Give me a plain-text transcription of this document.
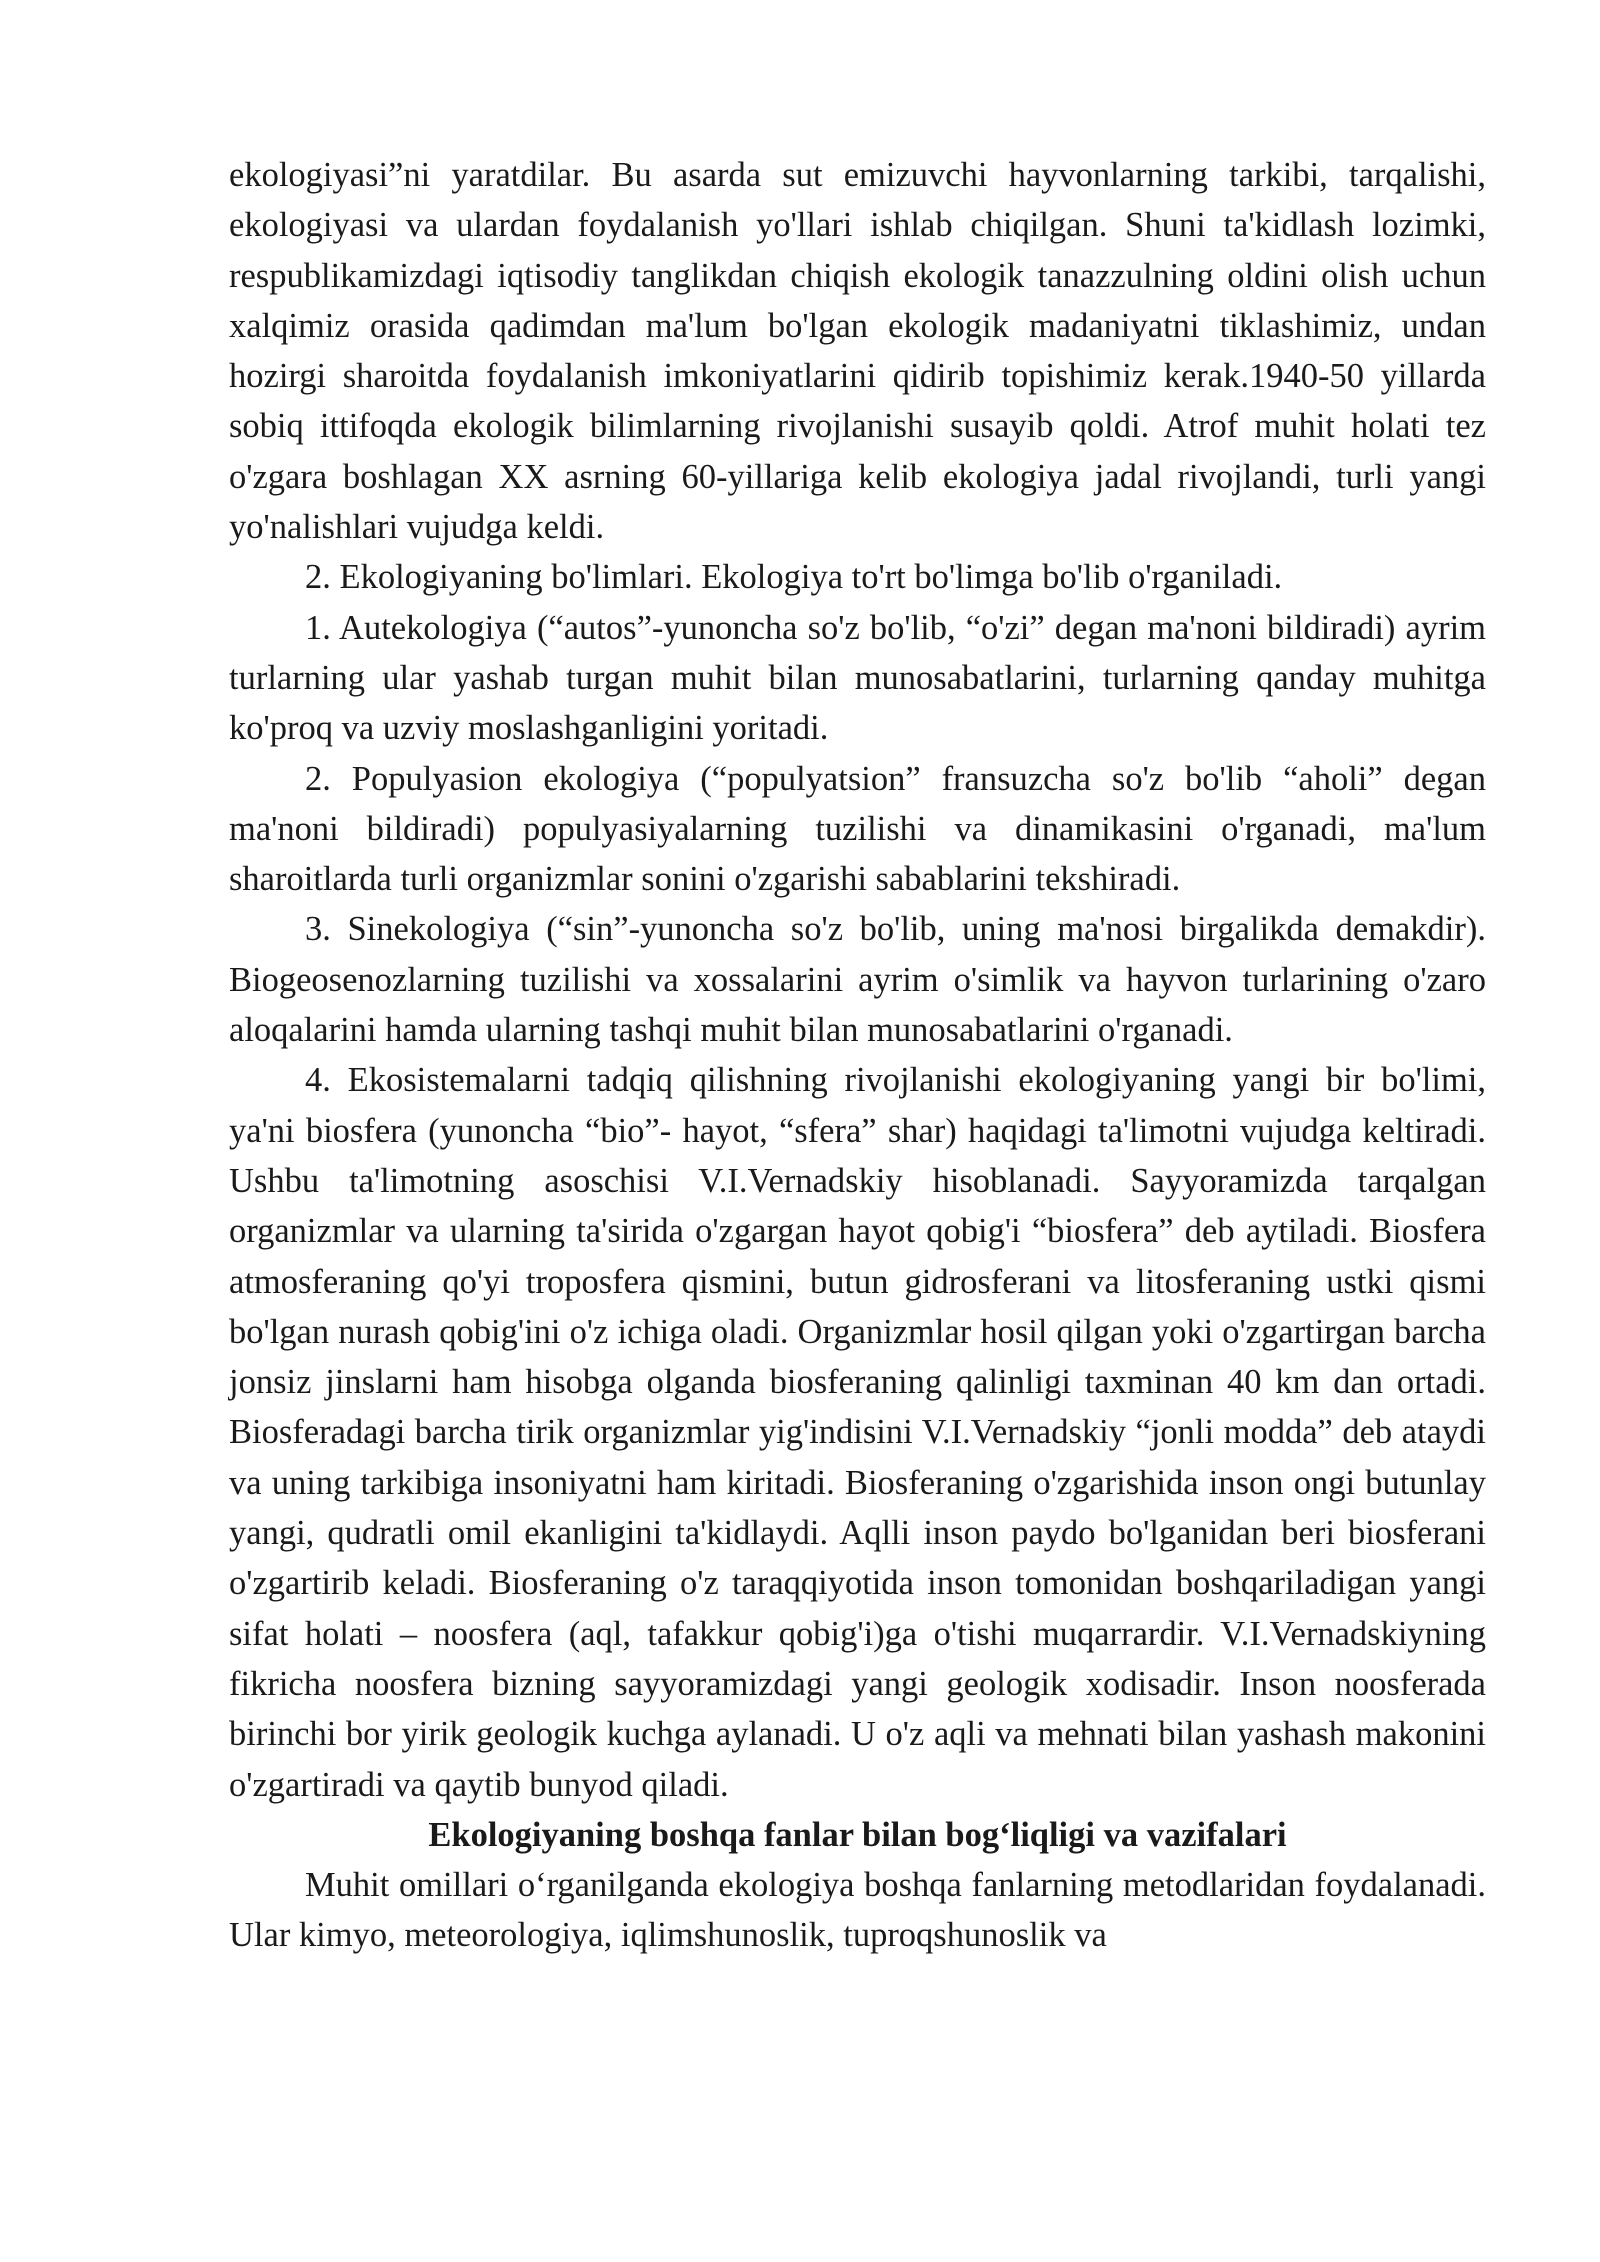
ekologiyasi”ni yaratdilar. Bu asarda sut emizuvchi hayvonlarning tarkibi, tarqalishi, ekologiyasi va ulardan foydalanish yo'llari ishlab chiqilgan. Shuni ta'kidlash lozimki, respublikamizdagi iqtisodiy tanglikdan chiqish ekologik tanazzulning oldini olish uchun xalqimiz orasida qadimdan ma'lum bo'lgan ekologik madaniyatni tiklashimiz, undan hozirgi sharoitda foydalanish imkoniyatlarini qidirib topishimiz kerak.1940-50 yillarda sobiq ittifoqda ekologik bilimlarning rivojlanishi susayib qoldi. Atrof muhit holati tez o'zgara boshlagan XX asrning 60-yillariga kelib ekologiya jadal rivojlandi, turli yangi yo'nalishlari vujudga keldi.

2. Ekologiyaning bo'limlari. Ekologiya to'rt bo'limga bo'lib o'rganiladi.

1. Autekologiya (“autos”-yunoncha so'z bo'lib, “o'zi” degan ma'noni bildiradi) ayrim turlarning ular yashab turgan muhit bilan munosabatlarini, turlarning qanday muhitga ko'proq va uzviy moslashganligini yoritadi.

2. Populyasion ekologiya (“populyatsion” fransuzcha so'z bo'lib “aholi” degan ma'noni bildiradi) populyasiyalarning tuzilishi va dinamikasini o'rganadi, ma'lum sharoitlarda turli organizmlar sonini o'zgarishi sabablarini tekshiradi.

3. Sinekologiya (“sin”-yunoncha so'z bo'lib, uning ma'nosi birgalikda demakdir). Biogeosenozlarning tuzilishi va xossalarini ayrim o'simlik va hayvon turlarining o'zaro aloqalarini hamda ularning tashqi muhit bilan munosabatlarini o'rganadi.

4. Ekosistemalarni tadqiq qilishning rivojlanishi ekologiyaning yangi bir bo'limi, ya'ni biosfera (yunoncha “bio”- hayot, “sfera” shar) haqidagi ta'limotni vujudga keltiradi. Ushbu ta'limotning asoschisi V.I.Vernadskiy hisoblanadi. Sayyoramizda tarqalgan organizmlar va ularning ta'sirida o'zgargan hayot qobig'i “biosfera” deb aytiladi. Biosfera atmosferaning qo'yi troposfera qismini, butun gidrosferani va litosferaning ustki qismi bo'lgan nurash qobig'ini o'z ichiga oladi. Organizmlar hosil qilgan yoki o'zgartirgan barcha jonsiz jinslarni ham hisobga olganda biosferaning qalinligi taxminan 40 km dan ortadi. Biosferadagi barcha tirik organizmlar yig'indisini V.I.Vernadskiy “jonli modda” deb ataydi va uning tarkibiga insoniyatni ham kiritadi. Biosferaning o'zgarishida inson ongi butunlay yangi, qudratli omil ekanligini ta'kidlaydi. Aqlli inson paydo bo'lganidan beri biosferani o'zgartirib keladi. Biosferaning o'z taraqqiyotida inson tomonidan boshqariladigan yangi sifat holati – noosfera (aql, tafakkur qobig'i)ga o'tishi muqarrardir. V.I.Vernadskiyning fikricha noosfera bizning sayyoramizdagi yangi geologik xodisadir. Inson noosferada birinchi bor yirik geologik kuchga aylanadi. U o'z aqli va mehnati bilan yashash makonini o'zgartiradi va qaytib bunyod qiladi.

Ekologiyaning boshqa fanlar bilan bog‘liqligi va vazifalari

Muhit omillari o‘rganilganda ekologiya boshqa fanlarning metodlaridan foydalanadi. Ular kimyo, meteorologiya, iqlimshunoslik, tuproqshunoslik va
